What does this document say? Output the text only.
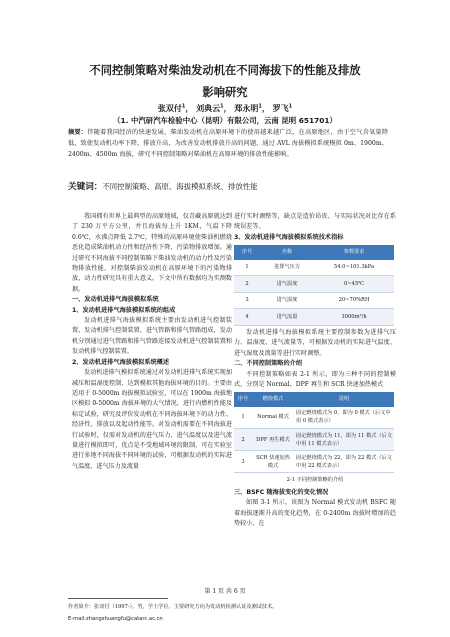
不同控制策略对柴油发动机在不同海拔下的性能及排放
影响研究
张双付$^1$， 刘典云$^1$， 郑永明$^1$， 罗飞$^1$
（1. 中汽研汽车检验中心（昆明）有限公司，云南 昆明 651701）
摘要：伴随着我国经济的快速发展，柴油发动机在高原环境下的使用越来越广泛，在高原地区，由于空气含氧量降低，致使发动机功率下降，排放升高，为改善发动机排放升高的问题，通过 AVL 海拔模拟系统模拟 0m、1900m、2400m、4500m 海拔，研究不同控制策略对柴油机在高原环境的排放性能影响。
关键词：不同控制策略、高原、海拔模拟系统、排放性能

我国拥有世界上最典型的高原地域，仅青藏高原就达到了 230 万平方公里，并且海拔每上升 1KM，气温下降 0.6℃，水沸点降低 2.7℃，特殊的高原环境使柴油机燃烧恶化造成柴油机动力性和经济性下降，污染物排放增加。通过研究不同海拔不同控制策略下柴油发动机的动力性及污染物排放性能，对控制柴油发动机在高原环境下的污染物排放、动力性研究具有重大意义。下文中所有数据均为实测数据。

一、发动机进排气海拔模拟系统

1、发动机进排气海拔模拟系统的组成

发动机进排气海拔模拟系统主要由发动机进气控制装置、发动机排气控制装置、进气管路和排气管路组成，发动机分别通过进气管路和排气管路连接发动机进气控制装置和发动机排气控制装置。

2、发动机进排气海拔模拟系统概述

发动机进排气模拟系统通过对发动机进排气系统实现加减压和温湿度控制，达到模拟其他海拔环境的目的。主要由适用于 0-5000m 海拔模拟试验室，可以在 1900m 海拔地区模拟 0-5000m 海拔环境的大气情况，进行内燃机性能及标定试验，研究及评价发动机在不同海拔环境下的动力性、经济性、排放以及起动性能等。对发动机需要在不同海拔进行试验时，仅需对发动机的进气压力、进气温度以及进气流量进行模拟即可，优点是不受地域环境的限制，可在实验室进行多地不同海拔不同环境的试验，可根据发动机的实际进气温度、进气压力及流量

进行实时调整等，缺点是造价昂贵、与实际状况对比存在系统误差等。

3、发动机进排气海拔模拟系统技术指标

序号	名称	参数要求
1	进排气压力	54.0~101.3kPa
2	进气温度	0~45℃
3	进气湿度	20~70%RH
4	进气流量	3000m³/h

发动机进排气海拔模拟系统主要控制参数为进排气压力、温湿度、进气流量等，可根据发动机的实际进气温度、进气湿度及流量等进行实时调整。

二、不同控制策略的介绍

不同控制策略如表 2-1 所示，即为三种不同的控制模式，分别是 Normal、DPF 再生和 SCR 快速加热模式

序号	燃烧模式	说明
1	Normal 模式	固定燃烧模式为 0，即为 0 模式（后文中用 0 模式表示）
2	DPF 再生模式	固定燃烧模式为 11，即为 11 模式（后文中用 11 模式表示）
3	SCR 快速加热模式	固定燃烧模式为 22，即为 22 模式（后文中用 22 模式表示）

2-1 不同控制策略的介绍

三、BSFC 随海拔变化的变化情况

如图 3-1 所示，该图为 Normal 模式发动机 BSFC 随着海拔逐渐升高的变化趋势，在 0-2400m 海拔时增加的趋势较小，在

第 1 页 共 6 页
作者简介：张双付（1997-），男，学士学位，主要研究方向为发动机检测认证及测试技术。
E-mail:zhangshuangfu@catarc.ac.cn
